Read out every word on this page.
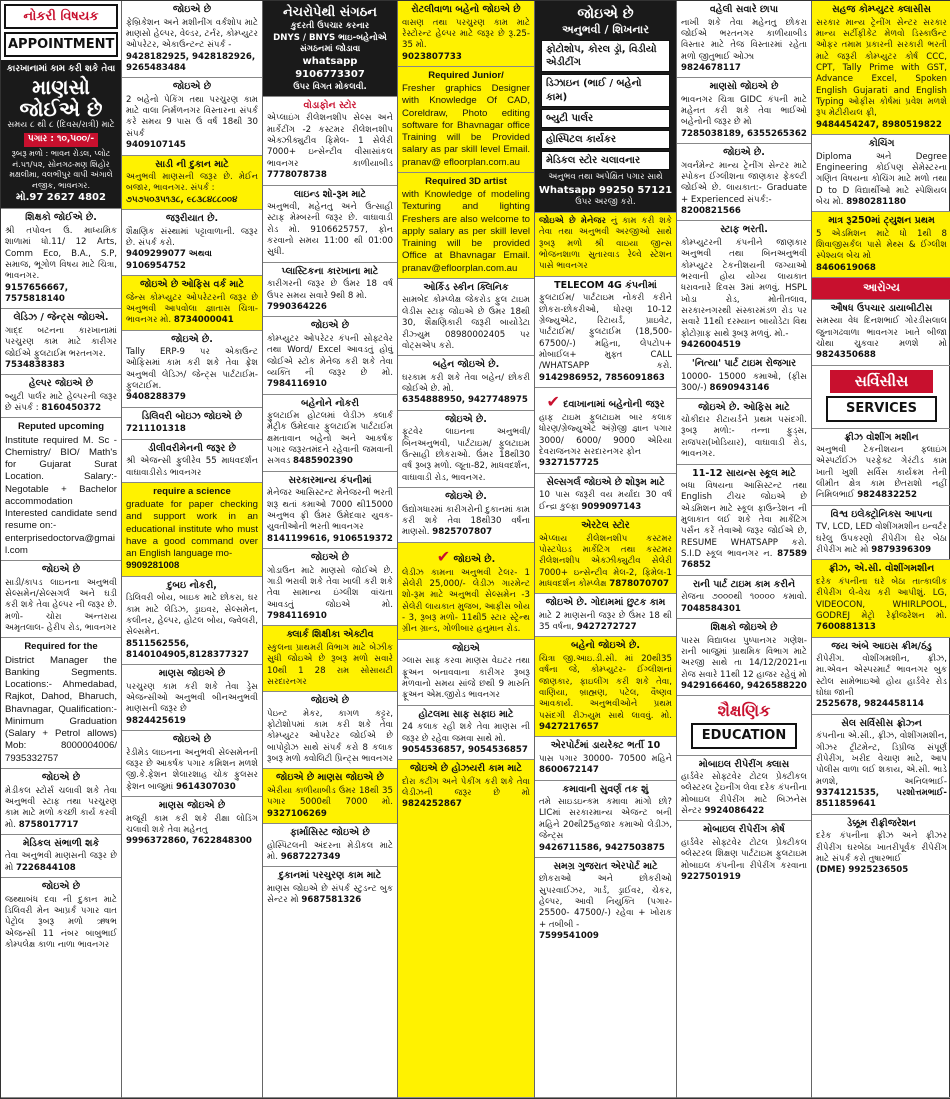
નોકરી વિષયક
APPOINTMENT
કારખાનામાં કામ કરી શકે તેવા
માણસો જોઈએ છે
સમય ૮ થી ૮ (દિવસ/રાત્રી) માટે
પગાર : ૧૦,૫૦૦/-
રૂબરૂ મળો : ભાવન રોડલ, પ્લોટ નં.૫૧/૫૨, સોનગઢ-મણ શિહોર મક્ષલીમા, વલભીપુર વાપી અંગાલે નજીક, ભાવનગર.
મો.97 2627 4802
શિક્ષકો જોઈએ છે.
શ્રી તપોવન ઉ. માધ્યમિક શાળામાં ધો.11/ 12 Arts, Comm Eco, B.A., S.P, સમાજ, ભૂગોળ વિષય માટે ચિત્રા, ભાવનગર.
9157656667, 7575818140
લેડિઝ / જેન્ટ્સ જોઇએ.
ગાદ્દ બટનના કારખાનામાં પરચુરણ કામ માટે કારીગર જોઈએ ફુલટાઈમ ભરતનગર.
7534838383
હેલ્પર જોઇએ છે
બ્યુટી પાર્લર માટે હેલ્પરની જરૂર છે સંપર્ક : 8160450372
Reputed upcoming
Institute required M. Sc -Chemistry/ BIO/ Math's for Gujarat Surat Location. Salary:- Negotable + Bachelor accommodation Interested candidate send resume on:-
enterprisedoctorva@gmail.com
જોઇએ છે
સાડી/કાપડ લાઇનના અનુભવી સેલ્સમેન/સેલ્સગર્લ અને ઘડી કરી શકે તેવા હેલ્પર ની જરૂર છે. મળો- ચોરા અન્તરાય અમૃતલાલ- હેરીપ રોડ, ભાવનગર
Required for the
District Manager the Banking Segments. Locations:- Ahmedabad, Rajkot, Dahod, Bharuch, Bhavnagar, Qualification:- Minimum Graduation (Salary + Petrol allows) Mob: 8000004006/ 7935332757
જોઇએ છે
મેડીકલ સ્ટોર્સ ચલાવી શકે તેવા અનુભવી સ્ટાફ તથા પરચુરણ કામ માટે મળો કચ્છી કાર્ય કરવી મો. 8758017717
મેડિકલ સંભાળી શકે
તેવા અનુભવી માણસની જરૂર છે મો 7226844108
જોઇએ છે
જથ્થાબંધ દવા ની દુકાન માટે ડિલિવરી મેન આપ્રર્ક પગાર વાત પેટ્રોલ રૂબરૂ મળો ઋષભ એજન્સી 11 નંબર બાબુભાઈ કોમ્પલેક્ષ કાળા નાળા ભાવનગર
જોઇએ છે
ફેબ્રિકેશન અને મશીનીંગ વર્કશોપ માટે માણસો હેલ્પર, વેલ્ડર, ટર્નર, કોમ્પ્યુટર ઓપરેટર, એકાઉન્ટન્ટ સંપર્ક -
9428182925, 9428182926, 9265483484
જોઇએ છે
2 બહેનો પેકિંગ તથા પરચુરણ કામ માટે વાલા નિર્મળનગર વિસ્તારના સંપર્ક કરે સમય 9 પાસ ઉ વર્ષ 18થી 30 સંપર્ક
9409107145
સાડી ની દુકાન માટે
અનુભવી માણસની જરૂર છે. મેઈન બજાર, ભાવનગર. સંપર્ક :
૭૫૭૫૦૩૫૧૩૮, ૯૮૩૮૪૮૮૦૦૪
જરૂરીયાત છે.
શૈક્ષણિક સંસ્થામાં પટ્ટાવાળાની. જરૂર છે. સંપર્ક કરો.
9409299077 અથવા 9106954752
જોઇએ છે ઓફિસ વર્ક માટે
જેન્સ કોમ્પ્યુટર ઓપરેટરની જરૂર છે અનુભવી આપવોલા જ્ઞાતાસ ચિત્રા-ભાવનગર મો. 8734000041
જોઇએ છે.
Tally ERP-9 પર એકાઉન્ટ ઓફિસમાં કામ કરી શકે તેવા ફ્રેશ અનુભવી લેડિઝ/ જેન્ટ્સ પાર્ટટાઈમ-ફુલટાઈમ.
9408288379
ડિલિવરી બોઇઝ જોઇએ છે
7211101318
ડીલીવરીમેનની જરૂર છે
શ્રી એજન્સી ફુલીરેવ 55 માધવદર્શન વાઘાવાડીરોડ ભાવનગર
require a science
graduate for paper checking and support work in an educational institute who must have a good command over an English language mo-
9909281008
દુબઇ નોકરી,
ડિલિવરી બોય, બાઇક માટે છોકરા, ઘર કામ માટે લેડિઝ, ડ્રાઇવર, સેલ્સમેન, કલીનર, હેલ્પર, હોટલ બોય, જ્વેલરી, સેલ્સમેન.
8511562556, 8140104905,8128377327
માણસ જોઇએ છે
પરચુરણ કામ કરી શકે તેવા ડ્રેસ એજન્સીઓ અનુભવી બીનઅનુભવી માણસની જરૂર છે
9824425619
જોઇએ છે
રેડીમેડ લાઇનના અનુભવી સેલ્સમેનની જરૂર છે આકર્ષક પગાર કમિશન મળશે જી.કે.ફેશન શેલારશાહ ચોક ફુલસર ફેશન બાજુમાં 9614307030
માણસ જોઇએ છે
મજૂરી કામ કરી શકે રીક્ષા લોડિંગ ચલાવી શકે તેવા મહેનતુ
9996372860, 7622848300
નેચરોપેથી સંગઠન
કુદરતી ઉપચાર કરનાર
DNYS / BNYS ભાઇ-બહેનોએ
સંગઠનમાં જોડાવા
whatsapp 9106773307
ઉપર વિગત મોકલવી.
વોડાફોન સ્ટોર
એપ્લાઇંગ રીલેશનશીપ સેલ્સ અને માર્કેટીંગ -2 કસ્ટમર રીલેશનશીપ એક્ઝીક્યુટીવ ફિમેલ- 1 સેલેરી 7000+ ઇન્સેન્ટીવ વીસાસાંકલ ભાવનગર કાળીયાબીડ 7778078738
લાઇન્ડ શો-રૂમ માટે
અનુભવી, મહેનતુ અને ઉત્સાહી સ્ટાફ મેમ્બરની જરૂર છે. વાઘાવાડી રોડ મો. 9106625757, ફોન કરવાનો સમય 11:00 થી 01:00 સુધી.
પ્લાસ્ટિકના કારખાના માટે
કારીગરની જરૂર છે ઉંમર 18 વર્ષ ઉપર સમય સવારે 9થી 8 મો.
7990364226
જોઇએ છે
કોમ્પ્યુટર ઓપરેટર કંપની સોફ્ટવેર તથા Word/ Excel આવડતું હોવું જોઈએ સ્ટોક મેનેજ કરી શકે તેવા વ્યક્તિ ની જરૂર છે મો. 7984116910
બહેનોને નોકરી
ફુલટાઈમ હોટલમાં લેડીઝ ક્લાર્ક મેટ્રીક ઉમેદવાર ફુલટાઈમ પાર્ટટાઈમ ક્ષમતાવાન બહેનો અને આકર્ષક પગાર જરૂરતમંદને રહેવાની જમવાની સગવડ 8485902390
સરકારમાન્ય કંપનીમાં
મેનેજર આસિસ્ટન્ટ મેનેજરની ભરતી શરૂ થતાં કમાઓ 7000 થી15000 અનુભવ ફ્રી ઉંમર ઉમેદવાર યુવક- યુવતીઓની ભરતી ભાવનગર
8141199616, 9106519372
જોઇએ છે
ગોડાઉન માટે માણસો જોઈએ છે. ગાડી ભરાવી શકે તેવા ખાલી કરી શકે તેવા સામાન્ય ઇંગ્લીશ વાંચતા આવડતું જોઇએ મો. 7984116910
ક્લાર્ક શિક્ષીકા એક્ટીવ
સ્કુલના પ્રાથમરી વિભાગ માટે બેઝીક સુધી જોઇએ છે રૂબરૂ મળો સવારે 10થી 1 28 રામ સોસાયટી સરદારનગર
જોઇએ છે
પેઇન્ટ મેકર, કાગળ કટ્ટર, ફોટોશોપમાં કામ કરી શકે તેવા કોમ્પ્યુટર ઓપરેટર જોઈએ છે બાપોટ્ટોઝ સાથે સંપર્ક કરો 8 કલાક રૂબરૂ મળો ક્વોલિટી પ્રિન્ટ્સ ભાવનગર
જોઇએ છે માણસ જોઇએ છે
એરીયા કાળીયાબીડ ઉમર 18થી 35 પગાર 5000થી 7000 મો. 9327106269
ફાર્માસિસ્ટ જોઇએ છે
હોસ્પિટલની અંદરના મેડીકલ માટે મો. 9687227349
દુકાનમાં પરચુરણ કામ માટે
માણસ જોઇએ છે સંપર્ક સ્ટુડન્ટ બુક સેન્ટર મો 9687581326
રોટલીવાળા બહેનો જોઇએ છે
વાસણ તથા પરચુરણ કામ માટે રેસ્ટોરન્ટ હેલ્પર માટે જરૂર છે રૂ.25- 35 મો.
9023807733
Required Junior/
Fresher graphics Designer with Knowledge Of CAD, Coreldraw, Photo editing software for Bhavnagar office Training will be Provided salary as par skill level Email. pranav@ efloorplan.com.au
Required 3D artist
with Knowledge of modeling Texturing and lighting Freshers are also welcome to apply salary as per skill level Training will be provided Office at Bhavnagar Email. pranav@efloorplan.com.au
ઓર્કિડ સ્કીન ક્લિનિક
સામબેદ કોમ્પ્લેક્ષ જેકરોડ ફુલ ટાઇમ લેડીસ સ્ટાફ જોઇએ છે ઉમર 18થી 30, શૈક્ષણિકારી જરૂરી બાયોડેટા રીઝ્યુમ 08980002405 પર વોટ્સએપ કરો.
બહેન જોઇએ છે.
ઘરકામ કરી શકે તેવા બહેન/ છોકરી જોઈએ છે. મો.
6354888950, 9427748975
જોઇએ છે.
ફૂટવેર લાઇનના અનુભવી/ બિનઅનુભવી, પાર્ટટાઇમ/ ફુલટાઇમ ઉત્સાહી છોકરાઓ. ઉંમર 18થી30 વર્ષ રૂબરૂ મળો. જૂતા-82, માધવદર્શન, વાઘાવાડી રોડ, ભાવનગર.
જોઇએ છે.
ઉદ્યોગધારમાં કારીગરોની દુકાનમાં કામ કરી શકે તેવા 18થી30 વર્ષના માણસો. 9825707807
✔ જોઇએ છે.
લેડીઝ કામના અનુભવી ટેલર- 1 સેલેરી 25,000/- લેડીઝ ગારમેન્ટ શો-રૂમ માટે અનુભવી સેલ્સમેન -3 સેલેરી લાયકાત મુજબ, આફીસ બોય - 3, રૂબરૂ મળો- 11થી5 સ્ટાર સ્ટ્રેન્થ ગ્રીન ગ્રાન્ડ, ગોળીબાર હનુમાન રોડ.
જોઇએ
ગ્લાસ સાફ કરવા માણસ વેઇટર તથા ફ્રૂઅન બનાવવાના કારીગર રૂબરૂ મળવાનો સમય સાંજે છથી 9 મારુતિ ફ્રૂઅન એમ.જીરોડ ભાવનગર
હોટલમા સાફ સફાઇ માટે
24 કલાક રહી શકે તેવા માણસ ની જરૂર છે રહેવા જમવા સાથે મો.
9054536857, 9054536857
જોઇએ છે હોઝયરી કામ માટે
દોરા કટીંગ અને પેકીંગ કરી શકે તેવા લેડીઝની જરૂર છે મો 9824252867
જોઇએ છે
અનુભવી / શિખનાર
ફોટોશોપ, કોરલ ડ્રૉ, વિડીયો એડીટીંગ
ડિઝાઇન (ભાઈ / બહેનો કામ)
બ્યુટી પાર્લર
હોસ્પિટલ કાર્યકર
મેડિકલ સ્ટોર ચલાવનાર
અનુભવ તથા અપેક્ષિત પગાર સાથે
Whatsapp 99250 57121
ઉપર અરજી કરો.
જોઇએ છે મેનેજર નું કામ કરી શકે તેવા તથા અનુભવી અરજીઓ સાથે રૂબરૂ મળો શ્રી વાઇયા જીન્સ ભોજનશાળા સુતારવાડ રેલ્વે સ્ટેશન પાસે ભાવનગર
TELECOM 4G કંપનીમાં
ફુલટાઈમ/ પાર્ટટાઇમ નોકરી કરીને છોકરા-છોકરીઓ, ધોરણ 10-12 ગ્રેજ્યુએટ, રિટાયર્ડ, પ્રાઇવેટ, પાર્ટટાઈમ/ ફુલટાઈમ (18,500- 67500/-) મહિના, લેપટોપ+ મોબાઈલ+ મુફ્ત CALL /WHATSAPP કરો. 9142986952, 7856091863
✔ દવાખાનામાં બહેનોની જરૂર
હાફ ટાઇમ ફુલટાઇમ બાર કલાક ધોરણ/ગ્રેજ્યુએટ અંગ્રેજી જ્ઞાન પગાર 3000/ 6000/ 9000 એરિયા દેવરાજનગર સરદારનગર ફોન
9327157725
સેલ્સગર્લ જોઇએ છે શોરૂમ માટે
10 પાસ જરૂરી વય મર્યાદા 30 વર્ષ ઈન્દ્રા કુલ્ફા 9099097143
એરટેલ સ્ટોર
એપ્લાય રીલેશનશીપ કસ્ટમર પોસ્ટપેઇડ માર્કેટિંગ તથા કસ્ટમર રીલેશનશીપ એક્ઝીક્યુટીવ સેલેરી 7000+ ઇન્સેન્ટીવ મેલ-2, ફિમેલ-1 માધવદર્શન કોમ્પ્લેક્ષ 7878070707
જોઇએ છે. ગોદામમાં છુટક કામ
માટે 2 માણસની જરૂર છે ઉંમર 18 થી 35 વર્ષના, 9427272727
બહેનો જોઇએ છે.
ચિત્રા જી.આઇ.ડી.સી. માં 20થી35 વર્ષના જે, કોમ્પ્યુટર- ઈંગ્લીશનાં જાણકાર, ફાઇલીંગ કરી શકે તેવા, વાણિયા, બ્રાહ્મણ, પટેલ, વૈષ્ણવ આવકાર્ય. અનુભવીઓને પ્રથમ પસંદગી રીઝ્યુમ સાથે લાવવું. મો. 9427217657
એરપોર્ટમાં ડાયરેક્ટ ભર્તી 10
પાસ પગાર 30000- 70500 મહિને 8600672147
કમાવાની સુવર્ણ તક શું
તમે સાઇડઇન્કમ કમાવા માંગો છો? LICમાં સરકારમાન્ય એજન્ટ બની મહિને 20થી25હજાર કમાઓ લેડીઝ, જેન્ટ્સ
9426711586, 9427503875
સમગ્ર ગુજરાત એરપોર્ટ માટે
છોકરાઓ અને છોકરીઓ સુપરવાઈઝર, ગાર્ડ, ડ્રાઈવર, ચેકર, હેલ્પર, આવી નિયુક્તિ (પગાર- 25500- 47500/-) રહેવા + ખોરાક + તબીબી -
7599541009
વહેલી સવારે છાપા
નાખી શકે તેવા મહેનતુ છોકરા જોઈએ ભરતનગર કાળીયાબીડ વિસ્તાર માટે તેજ વિસ્તારમાં રહેતા મળો જીતુભાઈ ઓઝા
9824678117
માણસો જોઇએ છે
ભાવનગર ચિત્રા GIDC કંપની માટે મહેનત કરી શકે તેવા ભાઈઓ બહેનોની જરૂર છે મો
7285038189, 6355265362
જોઇએ છે.
ગવર્નમેન્ટ માન્ય ટ્રેનીંગ સેન્ટર માટે સ્પોકન ઈંગ્લીશના જાણકાર ફેકલ્ટી જોઈએ છે. લાયકાત:- Graduate + Experienced સંપર્ક:-
8200821566
સ્ટાફ ભરતી.
કોમ્પ્યુટરની કંપનીને જાણકાર અનુભવી તથા બિનઅનુભવી કોમ્પ્યુટર ટેકનીશયની જગ્યાઓ ભરવાની હોય યોગ્ય લાયકાત ધરાવનારે દિવસ 3માં મળવું. HSPL ખોડા રોડ, મોતીતલાવ, સરકારનગરથી સંસ્કારમંડળ રોડ પર સવારે 11થી દરમ્યાન બાયોડેટા વિથ ફોટોગ્રાફ સાથે રૂબરૂ મળવું. મો.-
9426004519
'નિત્યા' પાર્ટ ટાઇમ રોજગાર
10000- 15000 કમાઓ, (ફીસ 300/-) 8690943146
જોઇએ છે. ઓફિસ માટે
ચોકીદાર રીટાયર્ડને પ્રથમ પસંદગી. રૂબરૂ મળો:- તન્ના ફુડ્સ, રાજપરા(ખોડિયાર), વાઘાવાડી રોડ, ભાવનગર.
11-12 સાયન્સ સ્કૂલ માટે
બધા વિષયના આસિસ્ટન્ટ તથા English ટીચર જોઇએ છે એડમિશન માટે સ્કૂલ ફાઉન્ડેશન ની મુલાકાત લઈ શકે તેવા માર્કેટિંગ પર્સન કરેં તેવાઓ જરૂર જોઈએ છે, RESUME WHATSAPP કરો. S.I.D સ્કૂલ ભાવનગર ન. 87589 76852
રાની પાર્ટ ટાઇમ કામ કરીને
રોજના ૭૦૦૦થી ૧૦૦૦૦ કમાવો. 7048584301
શિક્ષકો જોઇએ છે
પારસ વિદ્યાલય પુષ્પાનગર ગણેશ-રાની બાજુમાં પ્રાથમિક વિભાગ માટે અરજી સાથે તા 14/12/2021ના રોજ સવારે 11થી 12 હાજર રહેવું મો
9429166460, 9426588220
શૈક્ષણિક
EDUCATION
મોબાઇલ રીપેરીંગ ક્લાસ
હાર્ડવેર સોફ્ટવેર ટોટલ પ્રેક્ટીકલ બ્લેસ્ટરલ ટ્રેઇનીંગ લેવા દરેક કંપનીના મોબાઇલ રીપેરીંગ માટે બિઝનેસ સેન્ટર 9924086422
મોબાઇલ રીપેરીંગ કોર્ષ
હાર્ડવેર સોફ્ટવેર ટોટલ પ્રેક્ટીકલ બ્લેસ્ટરલ શિક્ષણ પાર્ટટાઇમ ફુલટાઇમ મોબાઇલ કંપનીના રીપેરીંગ કરવાના 9227501919
સહજ કોમ્પ્યુટર ક્લાસીસ
સરકાર માન્ય ટ્રેનીંગ સેન્ટર સરકાર માન્ય સર્ટીફીકેટ મેળવો ડિસ્કાઉન્ટ ઓફર તમામ પ્રકારની સરકારી ભરતી માટે જરૂરી કોમ્પ્યુટર કોર્ષ CCC, CPT, Tally Prime with GST, Advance Excel, Spoken English Gujarati and English Typing ઓફીસ કોર્ષમાં પ્રવેશ મળશે રૂપ મેટીરીયલ ફ્રી,
9484454247, 8980519822
કોચિંગ
Diploma અને Degree Engineering કોઈપણ સેમેસ્ટરના ગણિત વિષયના કોચિંગ માટે મળો તથા D to D વિદ્યાર્થીઓ માટે સ્પેશિયલ બેચ મો. 8980281180
માત્ર રૂ250માં ટ્યુશન પ્રથમ
5 એડમિશન માટે ધો 1થી 8 શિવાજીસર્કલ પાસે મેથ્સ & ઈંગ્લીશ સ્પેશ્યલ બેચ મો
8460619068
આરોગ્ય
ઔષધ ઉપચાર ડાયાબીટીસ
સમસ્યા વેધ દિનશભાઈ ગોરડીસલાલ જુનાગઢવાળા ભાવનગર ખાતે બીજા ચોથા ચુકવાર મળશે મો 9824350688
સર્વિસીસ
SERVICES
ફ્રીઝ વોશીંગ મશીન
અનુભવી ટેકનીશયન ફ્લાઇંગ એસ્પર્ટાઈઝ પરફેક્ટ ગેરંટીડ કામ ખાતી ખુશી સર્વિસ કાર્યક્રમ તેની લીમીત ક્ષેત્ર કામ છેતરાશો નહીં નિમિલભાઈ 9824832252
વિશ્વ ઇલેક્ટ્રોનિક્સ આપના
TV, LCD, LED વોશીંગમશીન ઇન્વર્ટર ઘરેલુ ઉપકરણો રીપેરીંગ ઘેર બેઠા રીપેરીંગ માટે મો 9879396309
ફ્રીઝ, એ.સી. વોશીંગમશીન
દરેક કંપનીના ઘરે બેઠા તાત્કાલીક રીપેરીંગ લે-વેચ કરી આપીશું. LG, VIDEOCON, WHIRLPOOL, GODREJ મેટ્રો રેફ્રીજરેશન મો. 7600881313
જય અંબે આઇસ ક્રીમ/ઠંડુ
રીપેરીંગ. વોશીંગમશીન, ફ્રીઝ, મા.એવન એસ્પરમાર્ટ ભાવનગર બુક સ્ટોલ સામેભાઇઓ હોય હાર્ડવેર રોડ ઘોઘા જાની
2525678, 9824458114
સેલ સર્વિસીસ ફ્રોઝ્ન
કંપનીના એ.સી., ફ્રીઝ, વોશીંગમશીન, ગીઝર ટ્રીટમેન્ટ, ડિપ્રીજ સંપૂર્ણ રીપેરીંગ, ખરીદ વેચાણ માટે, આપ પોલીસ વાળા લઈ શકાય, એ.સી. ભાડે મળશે, અનિલભાઈ- 9374121535, પરશોત્તમભાઈ- 8511859641
ડેક્કૂમ રીફ્રીજરેશન
દરેક કંપનીના ફ્રીઝ અને ફ્રીઝર રીપેરીંગ ઘરબેઠા ખાતરીપૂર્વક રીપેરીંગ માટે સંપર્ક કરો તુષારભાઈ
(DME) 9925236505
